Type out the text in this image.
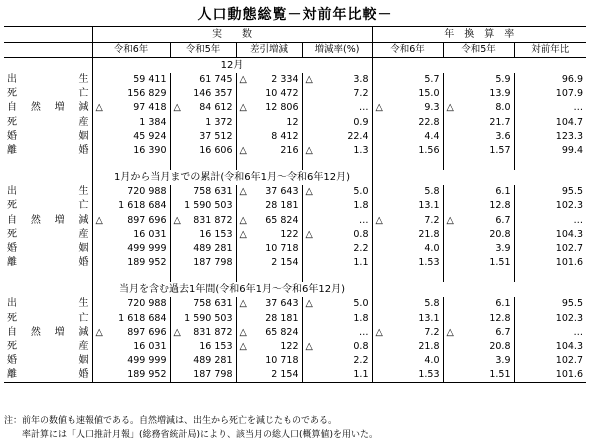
人口動態総覧－対前年比較－
	実　　数				年　換　算　率		
	令和6年	令和5年	差引増減	増減率(%)	令和6年	令和5年	対前年比
	12月						
出　　生	59 411	61 745	△ 2 334	△ 3.8	5.7	5.9	96.9
死　　亡	156 829	146 357	10 472	7.2	15.0	13.9	107.9
自然増減	△ 97 418	△ 84 612	△ 12 806	…	△ 9.3	△ 8.0	…
死　　産	1 384	1 372	12	0.9	22.8	21.7	104.7
婚　　姻	45 924	37 512	8 412	22.4	4.4	3.6	123.3
離　　婚	16 390	16 606	△ 216	△ 1.3	1.56	1.57	99.4

	1月から当月までの累計(令和6年1月～令和6年12月)						
出　　生	720 988	758 631	△ 37 643	△ 5.0	5.8	6.1	95.5
死　　亡	1 618 684	1 590 503	28 181	1.8	13.1	12.8	102.3
自然増減	△ 897 696	△ 831 872	△ 65 824	…	△ 7.2	△ 6.7	…
死　　産	16 031	16 153	△ 122	△ 0.8	21.8	20.8	104.3
婚　　姻	499 999	489 281	10 718	2.2	4.0	3.9	102.7
離　　婚	189 952	187 798	2 154	1.1	1.53	1.51	101.6

	当月を含む過去1年間(令和6年1月～令和6年12月)						
出　　生	720 988	758 631	△ 37 643	△ 5.0	5.8	6.1	95.5
死　　亡	1 618 684	1 590 503	28 181	1.8	13.1	12.8	102.3
自然増減	△ 897 696	△ 831 872	△ 65 824	…	△ 7.2	△ 6.7	…
死　　産	16 031	16 153	△ 122	△ 0.8	21.8	20.8	104.3
婚　　姻	499 999	489 281	10 718	2.2	4.0	3.9	102.7
離　　婚	189 952	187 798	2 154	1.1	1.53	1.51	101.6
注：前年の数値も速報値である。自然増減は、出生から死亡を減じたものである。
　　率計算には「人口推計月報」(総務省統計局)により、該当月の総人口(概算値)を用いた。
